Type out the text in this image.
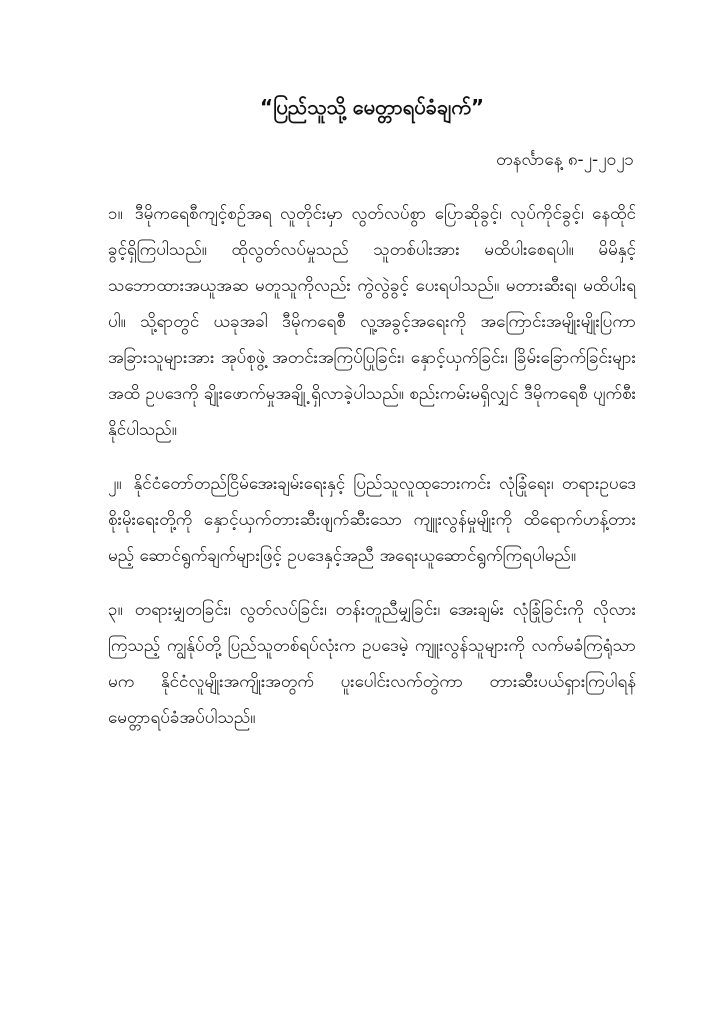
“ပြည်သူသို့ မေတ္တာရပ်ခံချက်”
တနင်္လာနေ့ ၈-၂-၂၀၂၁
၁။ ဒီမိုကရေစီကျင့်စဉ်အရ လူတိုင်းမှာ လွတ်လပ်စွာ ပြောဆိုခွင့်၊ လုပ်ကိုင်ခွင့်၊ နေထိုင်ခွင့်ရှိကြပါသည်။ ထိုလွတ်လပ်မှုသည် သူတစ်ပါးအား မထိပါးစေရပါ။ မိမိနှင့် သဘောထားအယူအဆ မတူသူကိုလည်း ကွဲလွဲခွင့် ပေးရပါသည်။ မတားဆီးရ၊ မထိပါးရပါ။ သို့ရာတွင် ယခုအခါ ဒီမိုကရေစီ လူ့အခွင့်အရေးကို အကြောင်းအမျိုးမျိုးပြကာ အခြားသူများအား အုပ်စုဖွဲ့ အတင်းအကြပ်ပြုခြင်း၊ နှောင့်ယှက်ခြင်း၊ ခြိမ်းခြောက်ခြင်းများအထိ ဥပဒေကို ချိုးဖောက်မှုအချို့ ရှိလာခဲ့ပါသည်။ စည်းကမ်းမရှိလျှင် ဒီမိုကရေစီ ပျက်စီးနိုင်ပါသည်။
၂။ နိုင်ငံတော်တည်ငြိမ်အေးချမ်းရေးနှင့် ပြည်သူလူထုဘေးကင်း လုံခြုံရေး၊ တရားဥပဒေစိုးမိုးရေးတို့ကို နှောင့်ယှက်တားဆီးဖျက်ဆီးသော ကျူးလွန်မှုမျိုးကို ထိရောက်ဟန့်တားမည့် ဆောင်ရွက်ချက်များဖြင့် ဥပဒေနှင့်အညီ အရေးယူဆောင်ရွက်ကြရပါမည်။
၃။ တရားမျှတခြင်း၊ လွတ်လပ်ခြင်း၊ တန်းတူညီမျှခြင်း၊ အေးချမ်း လုံခြုံခြင်းကို လိုလားကြသည့် ကျွန်ုပ်တို့ ပြည်သူတစ်ရပ်လုံးက ဥပဒေမဲ့ ကျူးလွန်သူများကို လက်မခံကြရုံသာမက နိုင်ငံလူမျိုးအကျိုးအတွက် ပူးပေါင်းလက်တွဲကာ တားဆီးပယ်ရှားကြပါရန် မေတ္တာရပ်ခံအပ်ပါသည်။
